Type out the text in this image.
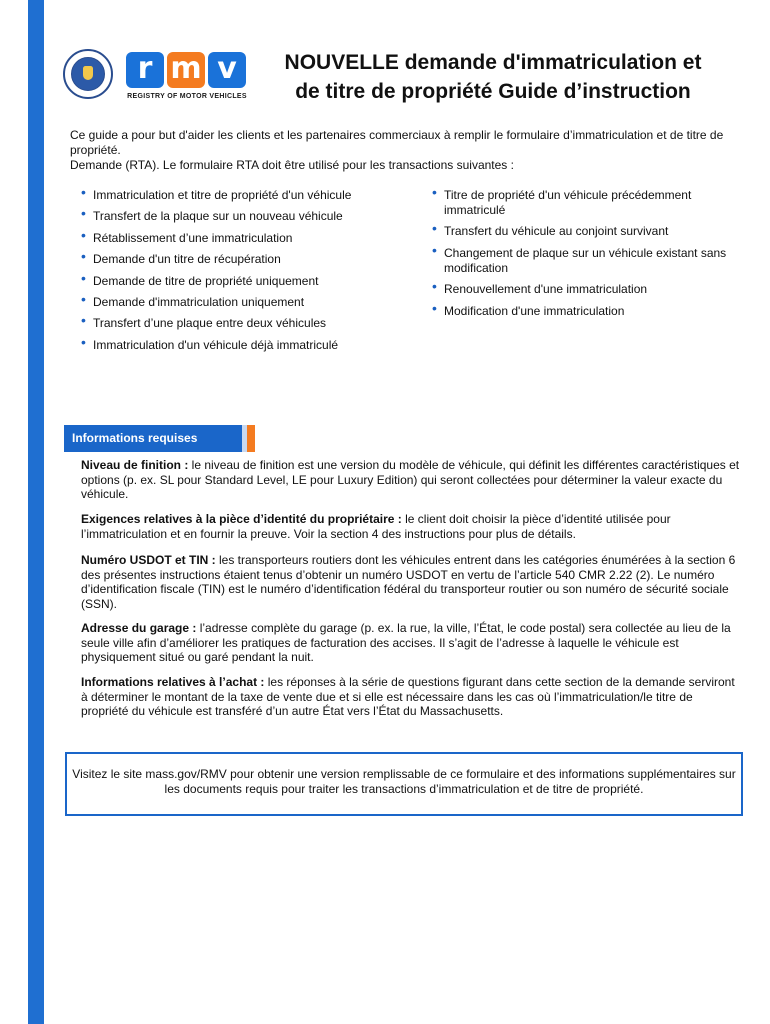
r m v
REGISTRY OF MOTOR VEHICLES
NOUVELLE demande d'immatriculation et
de titre de propriété Guide d’instruction

Ce guide a pour but d'aider les clients et les partenaires commerciaux à remplir le formulaire d’immatriculation et de titre de propriété.

Demande (RTA). Le formulaire RTA doit être utilisé pour les transactions suivantes :

• Immatriculation et titre de propriété d'un véhicule
• Transfert de la plaque sur un nouveau véhicule
• Rétablissement d’une immatriculation
• Demande d'un titre de récupération
• Demande de titre de propriété uniquement
• Demande d'immatriculation uniquement
• Transfert d’une plaque entre deux véhicules
• Immatriculation d'un véhicule déjà immatriculé
• Titre de propriété d'un véhicule précédemment immatriculé
• Transfert du véhicule au conjoint survivant
• Changement de plaque sur un véhicule existant sans modification
• Renouvellement d'une immatriculation
• Modification d'une immatriculation
Informations requises
Niveau de finition : le niveau de finition est une version du modèle de véhicule, qui définit les différentes caractéristiques et options (p. ex. SL pour Standard Level, LE pour Luxury Edition) qui seront collectées pour déterminer la valeur exacte du véhicule.
Exigences relatives à la pièce d’identité du propriétaire : le client doit choisir la pièce d’identité utilisée pour l’immatriculation et en fournir la preuve. Voir la section 4 des instructions pour plus de détails.
Numéro USDOT et TIN : les transporteurs routiers dont les véhicules entrent dans les catégories énumérées à la section 6 des présentes instructions étaient tenus d’obtenir un numéro USDOT en vertu de l’article 540 CMR 2.22 (2). Le numéro d’identification fiscale (TIN) est le numéro d’identification fédéral du transporteur routier ou son numéro de sécurité sociale (SSN).
Adresse du garage : l’adresse complète du garage (p. ex. la rue, la ville, l’État, le code postal) sera collectée au lieu de la seule ville afin d’améliorer les pratiques de facturation des accises. Il s’agit de l’adresse à laquelle le véhicule est physiquement situé ou garé pendant la nuit.
Informations relatives à l’achat : les réponses à la série de questions figurant dans cette section de la demande serviront à déterminer le montant de la taxe de vente due et si elle est nécessaire dans les cas où l’immatriculation/le titre de propriété du véhicule est transféré d’un autre État vers l’État du Massachusetts.
Visitez le site mass.gov/RMV pour obtenir une version remplissable de ce formulaire et des informations supplémentaires sur les documents requis pour traiter les transactions d’immatriculation et de titre de propriété.
